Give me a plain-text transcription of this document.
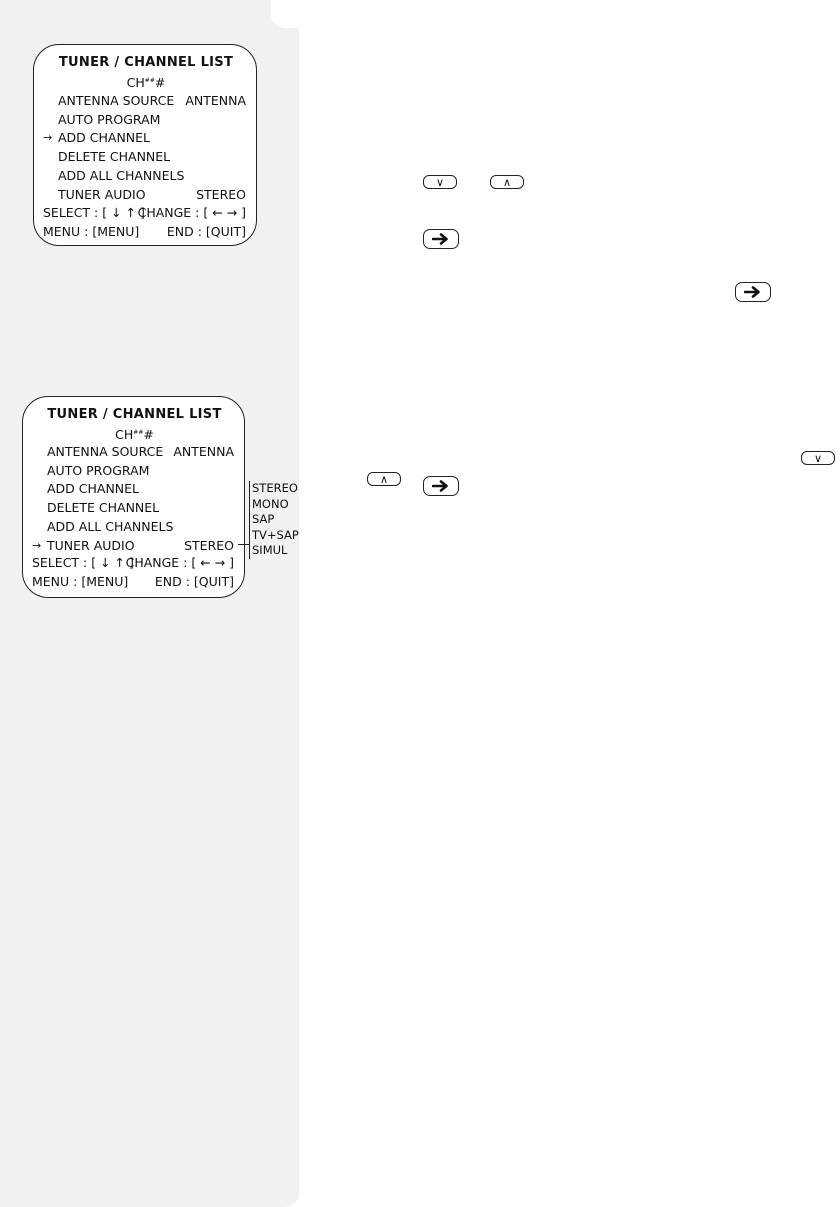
TUNER / CHANNEL LIST
CH###
ANTENNA SOURCE ANTENNA
AUTO PROGRAM
ADD CHANNEL
→
DELETE CHANNEL
ADD ALL CHANNELS
TUNER AUDIO	STEREO
SELECT : [ ↓ ↑ ]
CHANGE : [ ← → ]
MENU : [MENU] END : [QUIT]
TUNER / CHANNEL LIST
CH###
ANTENNA SOURCE ANTENNA
AUTO PROGRAM
ADD CHANNEL
DELETE CHANNEL
ADD ALL CHANNELS
TUNER AUDIO	STEREO
→
SELECT : [ ↓ ↑ ]
CHANGE : [ ← → ]
MENU : [MENU] END : [QUIT]
STEREO
MONO
SAP
TV+SAP
SIMUL
∨	∧
∨
∧
